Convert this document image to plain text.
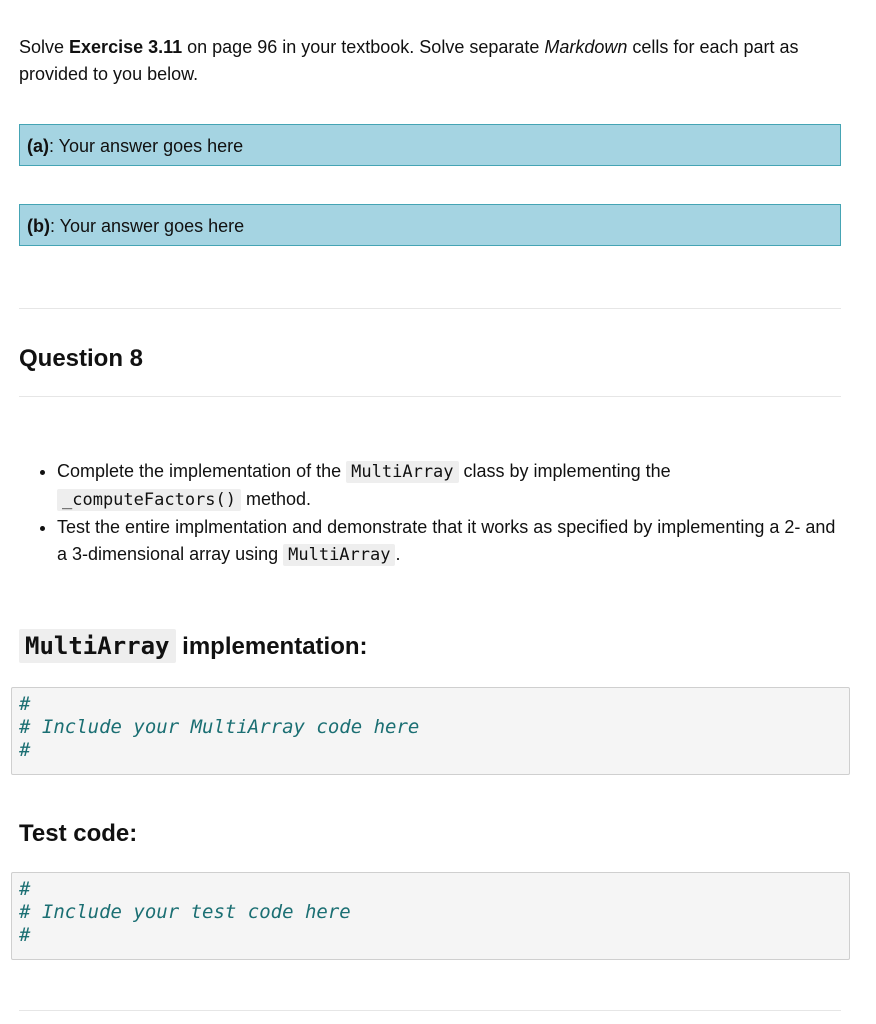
Solve Exercise 3.11 on page 96 in your textbook. Solve separate Markdown cells for each part as provided to you below.

(a): Your answer goes here
(b): Your answer goes here
Question 8
• Complete the implementation of the MultiArray class by implementing the _computeFactors() method.
• Test the entire implmentation and demonstrate that it works as specified by implementing a 2- and a 3-dimensional array using MultiArray .
MultiArray implementation:
#
# Include your MultiArray code here
#
Test code:
#
# Include your test code here
#
